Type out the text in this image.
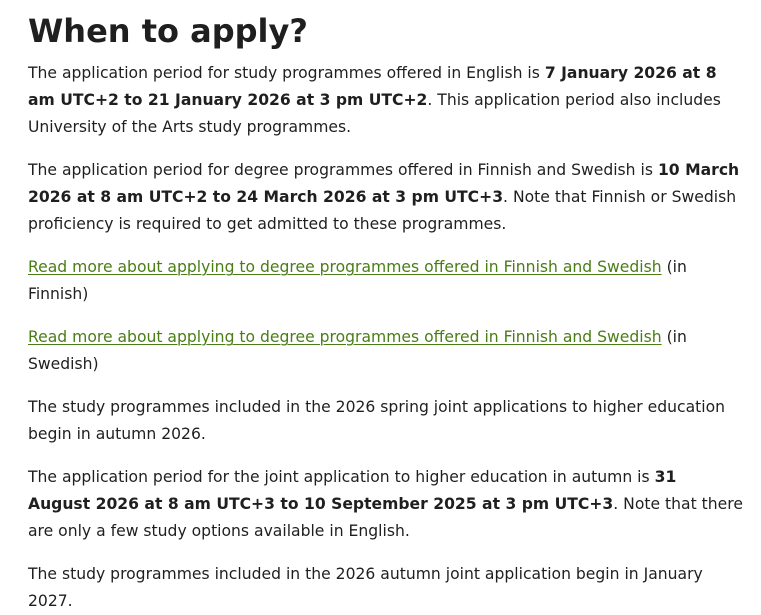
When to apply?

The application period for study programmes offered in English is 7 January 2026 at 8 am UTC+2 to 21 January 2026 at 3 pm UTC+2. This application period also includes University of the Arts study programmes.

The application period for degree programmes offered in Finnish and Swedish is 10 March 2026 at 8 am UTC+2 to 24 March 2026 at 3 pm UTC+3. Note that Finnish or Swedish proficiency is required to get admitted to these programmes.

Read more about applying to degree programmes offered in Finnish and Swedish (in Finnish)

Read more about applying to degree programmes offered in Finnish and Swedish (in Swedish)

The study programmes included in the 2026 spring joint applications to higher education begin in autumn 2026.

The application period for the joint application to higher education in autumn is 31 August 2026 at 8 am UTC+3 to 10 September 2025 at 3 pm UTC+3. Note that there are only a few study options available in English.

The study programmes included in the 2026 autumn joint application begin in January 2027.
